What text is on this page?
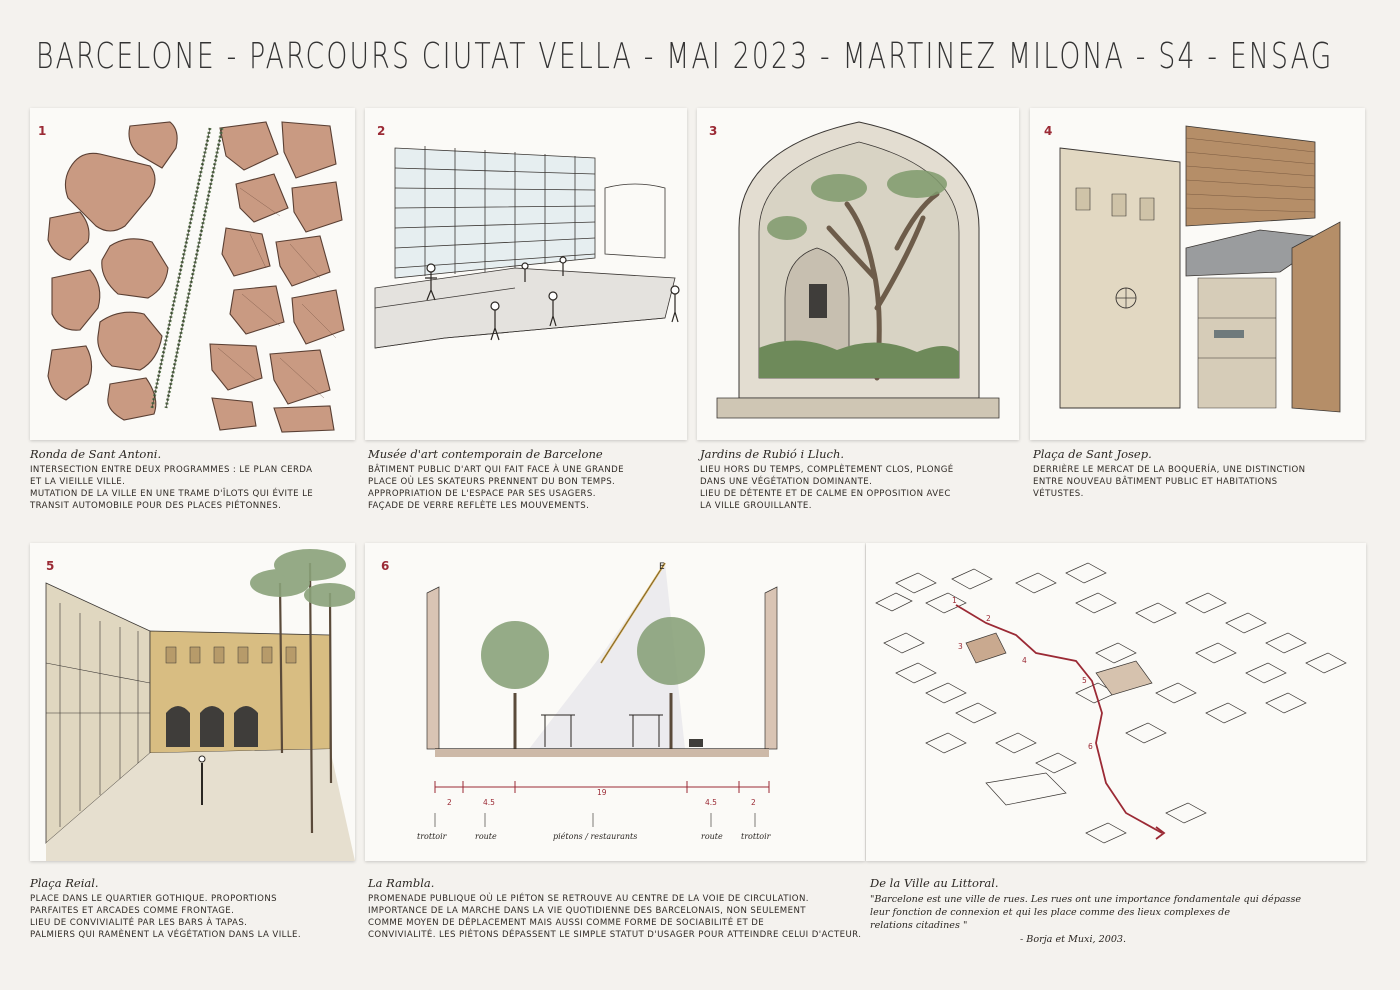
BARCELONE - PARCOURS CIUTAT VELLA - MAI 2023 - MARTINEZ MILONA - S4 - ENSAG
1	2	3	4
5	E
2	4.5
19
4.5	2
trottoir	route	piétons / restaurants	route trottoir
6
1
2
3
4
5
6
Ronda de Sant Antoni.
INTERSECTION ENTRE DEUX PROGRAMMES : LE PLAN CERDA
ET LA VIEILLE VILLE.
MUTATION DE LA VILLE EN UNE TRAME D'ÎLOTS QUI ÉVITE LE
TRANSIT AUTOMOBILE POUR DES PLACES PIÉTONNES.
Musée d'art contemporain de Barcelone
BÂTIMENT PUBLIC D'ART QUI FAIT FACE À UNE GRANDE
PLACE OÙ LES SKATEURS PRENNENT DU BON TEMPS.
APPROPRIATION DE L'ESPACE PAR SES USAGERS.
FAÇADE DE VERRE REFLÈTE LES MOUVEMENTS.
Jardins de Rubió i Lluch.
LIEU HORS DU TEMPS, COMPLÈTEMENT CLOS, PLONGÉ
DANS UNE VÉGÉTATION DOMINANTE.
LIEU DE DÉTENTE ET DE CALME EN OPPOSITION AVEC
LA VILLE GROUILLANTE.
Plaça de Sant Josep.
DERRIÈRE LE MERCAT DE LA BOQUERÍA, UNE DISTINCTION
ENTRE NOUVEAU BÂTIMENT PUBLIC ET HABITATIONS
VÉTUSTES.
Plaça Reial.
PLACE DANS LE QUARTIER GOTHIQUE. PROPORTIONS
PARFAITES ET ARCADES COMME FRONTAGE.
LIEU DE CONVIVIALITÉ PAR LES BARS À TAPAS.
PALMIERS QUI RAMÈNENT LA VÉGÉTATION DANS LA VILLE.
La Rambla.
PROMENADE PUBLIQUE OÙ LE PIÉTON SE RETROUVE AU CENTRE DE LA VOIE DE CIRCULATION.
IMPORTANCE DE LA MARCHE DANS LA VIE QUOTIDIENNE DES BARCELONAIS, NON SEULEMENT
COMME MOYEN DE DÉPLACEMENT MAIS AUSSI COMME FORME DE SOCIABILITÉ ET DE
CONVIVIALITÉ. LES PIÉTONS DÉPASSENT LE SIMPLE STATUT D'USAGER POUR ATTEINDRE CELUI D'ACTEUR.
De la Ville au Littoral.
"Barcelone est une ville de rues. Les rues ont une importance fondamentale qui dépasse
leur fonction de connexion et qui les place comme des lieux complexes de
relations citadines "
- Borja et Muxi, 2003.
